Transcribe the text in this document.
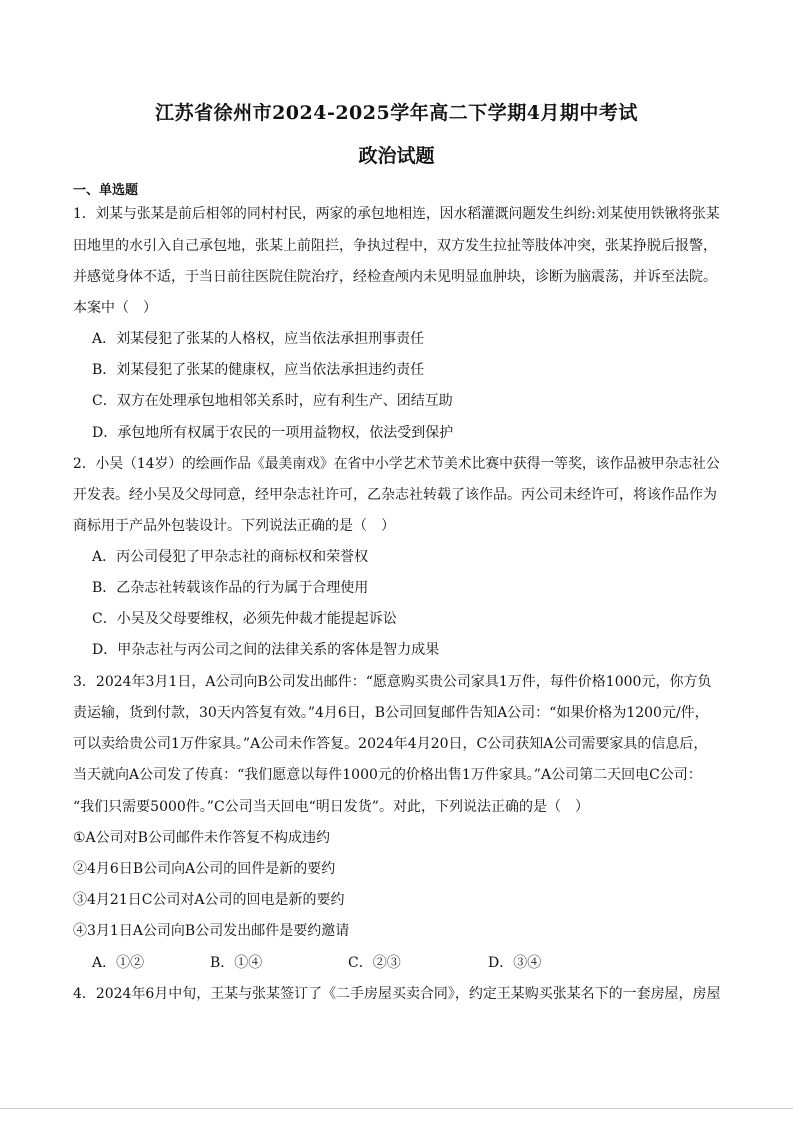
江苏省徐州市2024-2025学年高二下学期4月期中考试
政治试题
一、单选题
1．刘某与张某是前后相邻的同村村民，两家的承包地相连，因水稻灌溉问题发生纠纷:刘某使用铁锹将张某
田地里的水引入自己承包地，张某上前阻拦，争执过程中，双方发生拉扯等肢体冲突，张某挣脱后报警，
并感觉身体不适，于当日前往医院住院治疗，经检查颅内未见明显血肿块，诊断为脑震荡，并诉至法院。
本案中（　）
A．刘某侵犯了张某的人格权，应当依法承担刑事责任
B．刘某侵犯了张某的健康权，应当依法承担违约责任
C．双方在处理承包地相邻关系时，应有利生产、团结互助
D．承包地所有权属于农民的一项用益物权，依法受到保护
2．小吴（14岁）的绘画作品《最美南戏》在省中小学艺术节美术比赛中获得一等奖，该作品被甲杂志社公
开发表。经小吴及父母同意，经甲杂志社许可，乙杂志社转载了该作品。丙公司未经许可，将该作品作为
商标用于产品外包装设计。下列说法正确的是（　）
A．丙公司侵犯了甲杂志社的商标权和荣誉权
B．乙杂志社转载该作品的行为属于合理使用
C．小吴及父母要维权，必须先仲裁才能提起诉讼
D．甲杂志社与丙公司之间的法律关系的客体是智力成果
3．2024年3月1日，A公司向B公司发出邮件：“愿意购买贵公司家具1万件，每件价格1000元，你方负
责运输，货到付款，30天内答复有效。”4月6日，B公司回复邮件告知A公司：“如果价格为1200元/件，
可以卖给贵公司1万件家具。”A公司未作答复。2024年4月20日，C公司获知A公司需要家具的信息后，
当天就向A公司发了传真：“我们愿意以每件1000元的价格出售1万件家具。”A公司第二天回电C公司：
“我们只需要5000件。”C公司当天回电“明日发货”。对此，下列说法正确的是（　）
①A公司对B公司邮件未作答复不构成违约
②4月6日B公司向A公司的回件是新的要约
③4月21日C公司对A公司的回电是新的要约
④3月1日A公司向B公司发出邮件是要约邀请
A．①②	B．①④	C．②③	D．③④
4．2024年6月中旬，王某与张某签订了《二手房屋买卖合同》，约定王某购买张某名下的一套房屋，房屋
